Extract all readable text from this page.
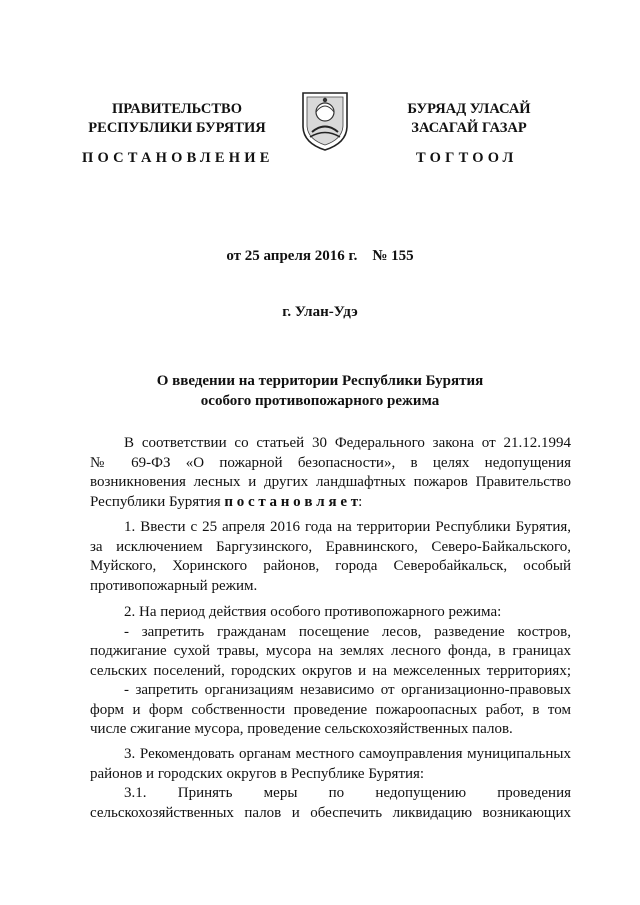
ПРАВИТЕЛЬСТВО
РЕСПУБЛИКИ БУРЯТИЯ
БУРЯАД УЛАСАЙ
ЗАСАГАЙ ГАЗАР
ПОСТАНОВЛЕНИЕ	ТОГТООЛ
от 25 апреля 2016 г.    № 155
г. Улан-Удэ
О введении на территории Республики Бурятия
особого противопожарного режима
В соответствии со статьей 30 Федерального закона от 21.12.1994
№ 69-ФЗ «О пожарной безопасности», в целях недопущения
возникновения лесных и других ландшафтных пожаров Правительство
Республики Бурятия п о с т а н о в л я е т:
1. Ввести с 25 апреля 2016 года на территории Республики Бурятия,
за исключением Баргузинского, Еравнинского, Северо-Байкальского,
Муйского, Хоринского районов, города Северобайкальск, особый
противопожарный режим.
2. На период действия особого противопожарного режима:
- запретить гражданам посещение лесов, разведение костров,
поджигание сухой травы, мусора на землях лесного фонда, в границах
сельских поселений, городских округов и на межселенных территориях;
- запретить организациям независимо от организационно-правовых
форм и форм собственности проведение пожароопасных работ, в том
числе сжигание мусора, проведение сельскохозяйственных палов.
3. Рекомендовать органам местного самоуправления муниципальных
районов и городских округов в Республике Бурятия:
3.1. Принять меры по недопущению проведения
сельскохозяйственных палов и обеспечить ликвидацию возникающих
